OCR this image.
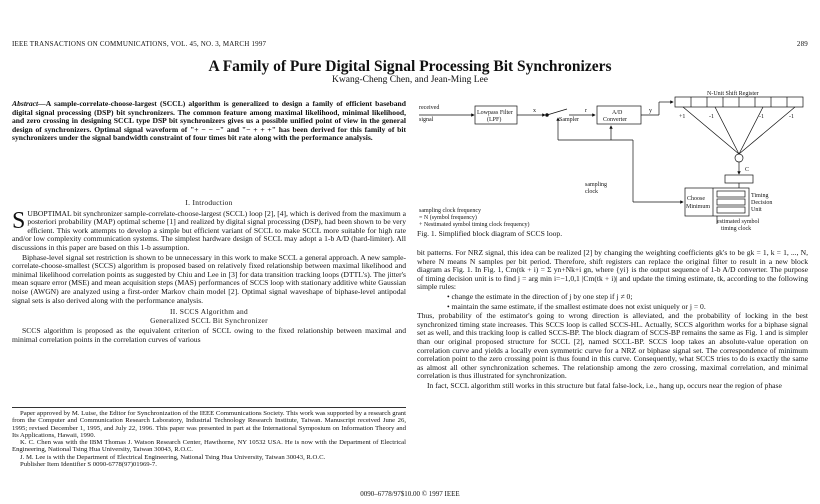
IEEE TRANSACTIONS ON COMMUNICATIONS, VOL. 45, NO. 3, MARCH 1997	289
A Family of Pure Digital Signal Processing Bit Synchronizers
Kwang-Cheng Chen, and Jean-Ming Lee
Abstract—A sample-correlate-choose-largest (SCCL) algorithm is generalized to design a family of efficient baseband digital signal processing (DSP) bit synchronizers. The common feature among maximal likelihood, minimal likelihood, and zero crossing in designing SCCL type DSP bit synchronizers gives us a possible unified point of view in the general design of synchronizers. Optimal signal waveform of "+ − − −" and "− + + +" has been derived for this family of bit synchronizers under the signal bandwidth constraint of four times bit rate along with the performance analysis.
I. Introduction

SUBOPTIMAL bit synchronizer sample-correlate-choose-largest (SCCL) loop [2], [4], which is derived from the maximum a posteriori probability (MAP) optimal scheme [1] and realized by digital signal processing (DSP), had been shown to be very efficient. This work attempts to develop a simple but efficient variant of SCCL to make SCCL more suitable for high rate and/or low complexity communication systems. The simplest hardware design of SCCL may adopt a 1-b A/D (hard-limiter). All discussions in this paper are based on this 1-b assumption.

Biphase-level signal set restriction is shown to be unnecessary in this work to make SCCL a general approach. A new sample-correlate-choose-smallest (SCCS) algorithm is proposed based on relatively fixed relationship between maximal likelihood and minimal likelihood correlation points as suggested by Chiu and Lee in [3] for data transition tracking loops (DTTL's). The jitter's mean square error (MSE) and mean acquisition steps (MAS) performances of SCCS loop with stationary additive white Gaussian noise (AWGN) are analyzed using a first-order Markov chain model [2]. Optimal signal waveshape of biphase-level antipodal signal sets is also derived along with the performance analysis.

II. SCCS Algorithm and
Generalized SCCL Bit Synchronizer

SCCS algorithm is proposed as the equivalent criterion of SCCL owing to the fixed relationship between maximal and minimal correlation points in the correlation curves of various

Paper approved by M. Luise, the Editor for Synchronization of the IEEE Communications Society. This work was supported by a research grant from the Computer and Communication Research Laboratory, Industrial Technology Research Institute, Taiwan. Manuscript received June 26, 1995; revised December 1, 1995, and July 22, 1996. This paper was presented in part at the International Symposium on Information Theory and Its Applications, Hawaii, 1990.

K. C. Chen was with the IBM Thomas J. Watson Research Center, Hawthorne, NY 10532 USA. He is now with the Department of Electrical Engineering, National Tsing Hua University, Taiwan 30043, R.O.C.

J. M. Lee is with the Department of Electrical Engineering, National Tsing Hua University, Taiwan 30043, R.O.C.

Publisher Item Identifier S 0090-6778(97)01969-7.

received
signal
Lowpass Filter
(LPF)	Sampler
A/D
Converter
N-Unit Shift Register
x	r	y
+1	-1	-1	-1
C
sampling
clock
Choose
Minimum
Timing
Decision
Unit
estimated symbol
timing clock
sampling clock frequency
= N (symbol frequency)
+ Nestimated symbol timing clock frequency)
Fig. 1. Simplified block diagram of SCCS loop.

bit patterns. For NRZ signal, this idea can be realized [2] by changing the weighting coefficients gk's to be gk = 1, k = 1, ..., N, where N means N samples per bit period. Therefore, shift registers can replace the original filter to result in a new block diagram as Fig. 1. In Fig. 1, Cm(tk + i) = Σ yn+Nk+i gn, where {yi} is the output sequence of 1-b A/D converter. The purpose of timing decision unit is to find j = arg min i=−1,0,1 |Cm(tk + i)| and update the timing estimate, tk, according to the following simple rules:

• change the estimate in the direction of j by one step if j ≠ 0;

• maintain the same estimate, if the smallest estimate does not exist uniquely or j = 0.

Thus, probability of the estimator's going to wrong direction is alleviated, and the probability of locking in the best synchronized timing state increases. This SCCS loop is called SCCS-HL. Actually, SCCS algorithm works for a biphase signal set as well, and this tracking loop is called SCCS-BP. The block diagram of SCCS-BP remains the same as Fig. 1 and is simpler than our original proposed structure for SCCL [2], named SCCL-BP. SCCS loop takes an absolute-value operation on correlation curve and yields a locally even symmetric curve for a NRZ or biphase signal set. The correspondence of minimum correlation point to the zero crossing point is thus found in this curve. Consequently, what SCCS tries to do is exactly the same as almost all other synchronization schemes. The relationship among the zero crossing, maximal correlation, and minimal correlation is thus illustrated for synchronization.

In fact, SCCL algorithm still works in this structure but fatal false-lock, i.e., hang up, occurs near the region of phase

0090–6778/97$10.00 © 1997 IEEE
